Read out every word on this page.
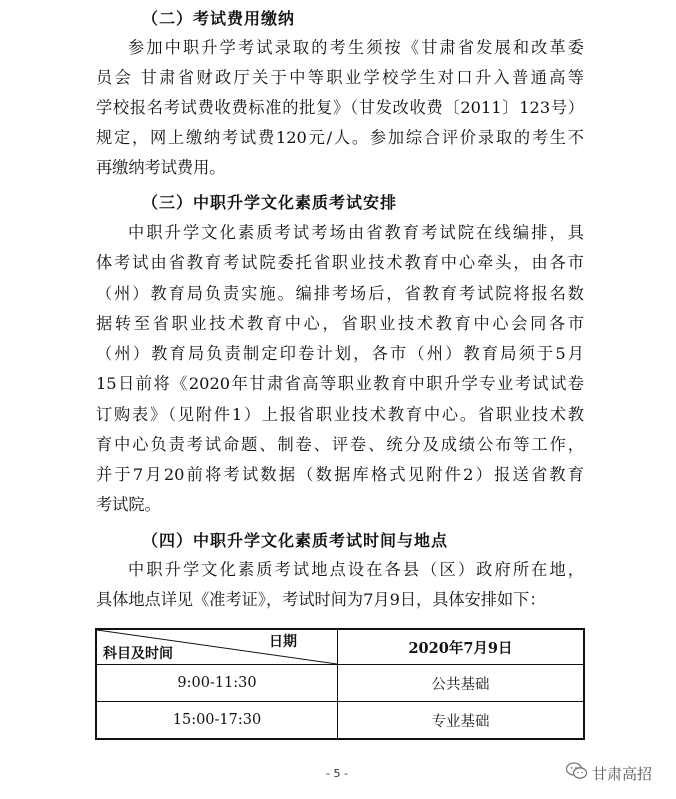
（二）考试费用缴纳
参加中职升学考试录取的考生须按《甘肃省发展和改革委
员会 甘肃省财政厅关于中等职业学校学生对口升入普通高等
学校报名考试费收费标准的批复》（甘发改收费〔2011〕123号）
规定，网上缴纳考试费120元/人。参加综合评价录取的考生不
再缴纳考试费用。
（三）中职升学文化素质考试安排
中职升学文化素质考试考场由省教育考试院在线编排，具
体考试由省教育考试院委托省职业技术教育中心牵头，由各市
（州）教育局负责实施。编排考场后，省教育考试院将报名数
据转至省职业技术教育中心，省职业技术教育中心会同各市
（州）教育局负责制定印卷计划，各市（州）教育局须于5月
15日前将《2020年甘肃省高等职业教育中职升学专业考试试卷
订购表》（见附件1）上报省职业技术教育中心。省职业技术教
育中心负责考试命题、制卷、评卷、统分及成绩公布等工作，
并于7月20前将考试数据（数据库格式见附件2）报送省教育
考试院。
（四）中职升学文化素质考试时间与地点
中职升学文化素质考试地点设在各县（区）政府所在地，
具体地点详见《准考证》，考试时间为7月9日，具体安排如下：
日期
科目及时间	2020年7月9日
9:00-11:30	公共基础
15:00-17:30	专业基础
- 5 -	甘肃高招
